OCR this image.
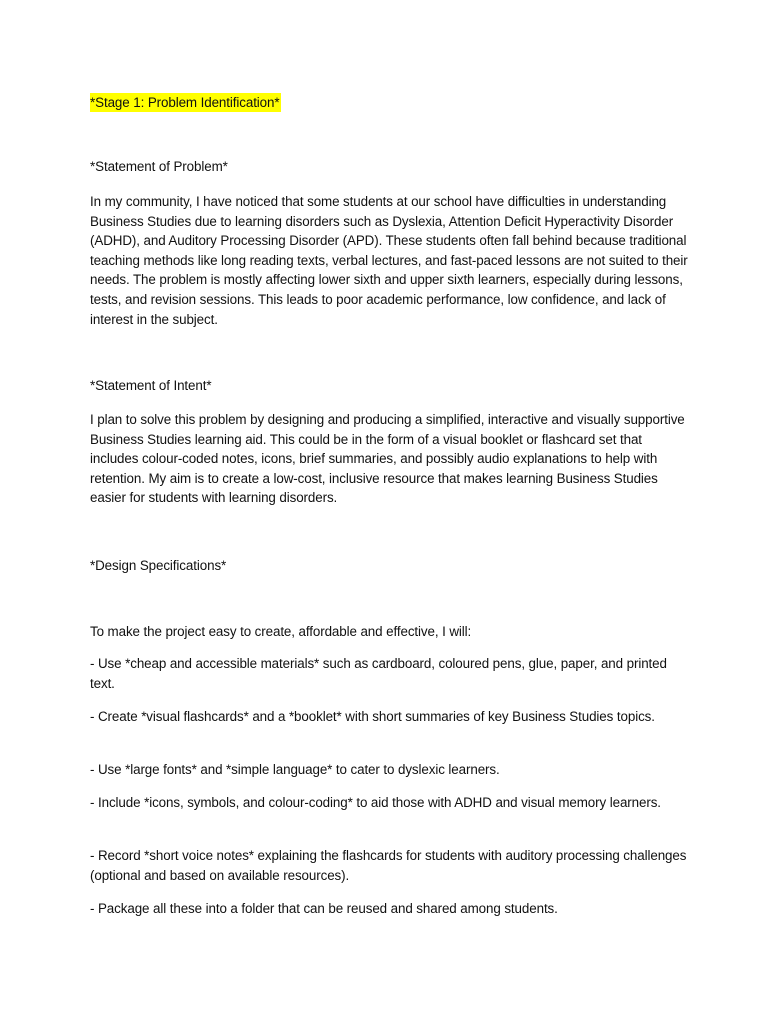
*Stage 1: Problem Identification*

*Statement of Problem*

In my community, I have noticed that some students at our school have difficulties in understanding Business Studies due to learning disorders such as Dyslexia, Attention Deficit Hyperactivity Disorder (ADHD), and Auditory Processing Disorder (APD). These students often fall behind because traditional teaching methods like long reading texts, verbal lectures, and fast-paced lessons are not suited to their needs. The problem is mostly affecting lower sixth and upper sixth learners, especially during lessons, tests, and revision sessions. This leads to poor academic performance, low confidence, and lack of interest in the subject.

*Statement of Intent*

I plan to solve this problem by designing and producing a simplified, interactive and visually supportive Business Studies learning aid. This could be in the form of a visual booklet or flashcard set that includes colour-coded notes, icons, brief summaries, and possibly audio explanations to help with retention. My aim is to create a low-cost, inclusive resource that makes learning Business Studies easier for students with learning disorders.

*Design Specifications*

To make the project easy to create, affordable and effective, I will:

- Use *cheap and accessible materials* such as cardboard, coloured pens, glue, paper, and printed text.

- Create *visual flashcards* and a *booklet* with short summaries of key Business Studies topics.

- Use *large fonts* and *simple language* to cater to dyslexic learners.

- Include *icons, symbols, and colour-coding* to aid those with ADHD and visual memory learners.

- Record *short voice notes* explaining the flashcards for students with auditory processing challenges (optional and based on available resources).

- Package all these into a folder that can be reused and shared among students.
